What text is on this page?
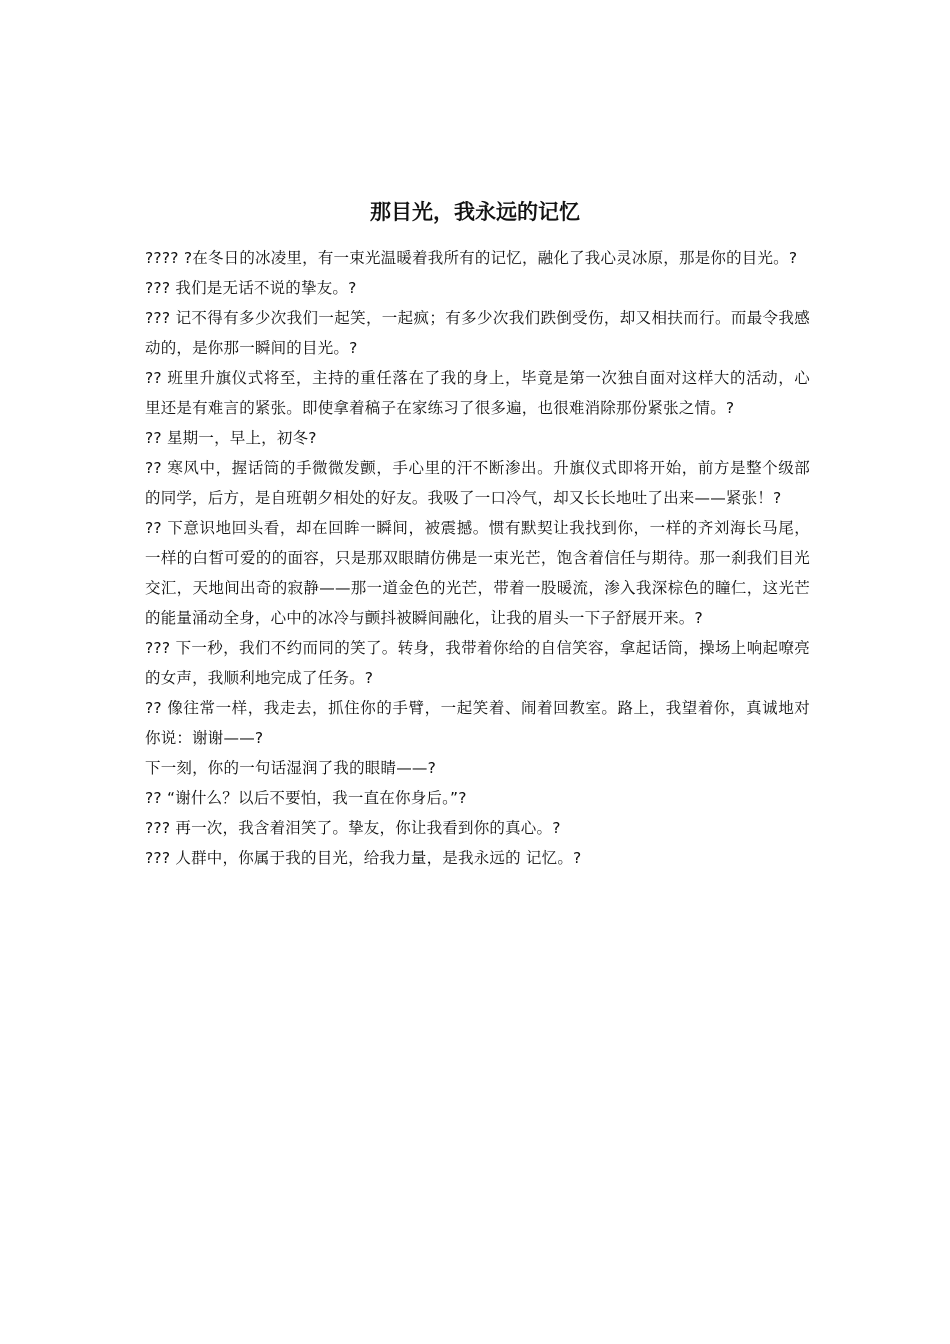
那目光，我永远的记忆

???? ?在冬日的冰凌里，有一束光温暖着我所有的记忆，融化了我心灵冰原，那是你的目光。?

??? 我们是无话不说的挚友。?

??? 记不得有多少次我们一起笑，一起疯；有多少次我们跌倒受伤，却又相扶而行。而最令我感动的，是你那一瞬间的目光。?

?? 班里升旗仪式将至，主持的重任落在了我的身上，毕竟是第一次独自面对这样大的活动，心里还是有难言的紧张。即使拿着稿子在家练习了很多遍，也很难消除那份紧张之情。?

?? 星期一，早上，初冬?

?? 寒风中，握话筒的手微微发颤，手心里的汗不断渗出。升旗仪式即将开始，前方是整个级部的同学，后方，是自班朝夕相处的好友。我吸了一口冷气，却又长长地吐了出来——紧张！?

?? 下意识地回头看，却在回眸一瞬间，被震撼。惯有默契让我找到你，一样的齐刘海长马尾，一样的白皙可爱的的面容，只是那双眼睛仿佛是一束光芒，饱含着信任与期待。那一刹我们目光交汇，天地间出奇的寂静——那一道金色的光芒，带着一股暖流，渗入我深棕色的瞳仁，这光芒的能量涌动全身，心中的冰冷与颤抖被瞬间融化，让我的眉头一下子舒展开来。?

??? 下一秒，我们不约而同的笑了。转身，我带着你给的自信笑容，拿起话筒，操场上响起嘹亮的女声，我顺利地完成了任务。?

?? 像往常一样，我走去，抓住你的手臂，一起笑着、闹着回教室。路上，我望着你，真诚地对你说：谢谢——?

下一刻，你的一句话湿润了我的眼睛——?

?? “谢什么？以后不要怕，我一直在你身后。”?

??? 再一次，我含着泪笑了。挚友，你让我看到你的真心。?

??? 人群中，你属于我的目光，给我力量，是我永远的 记忆。?
